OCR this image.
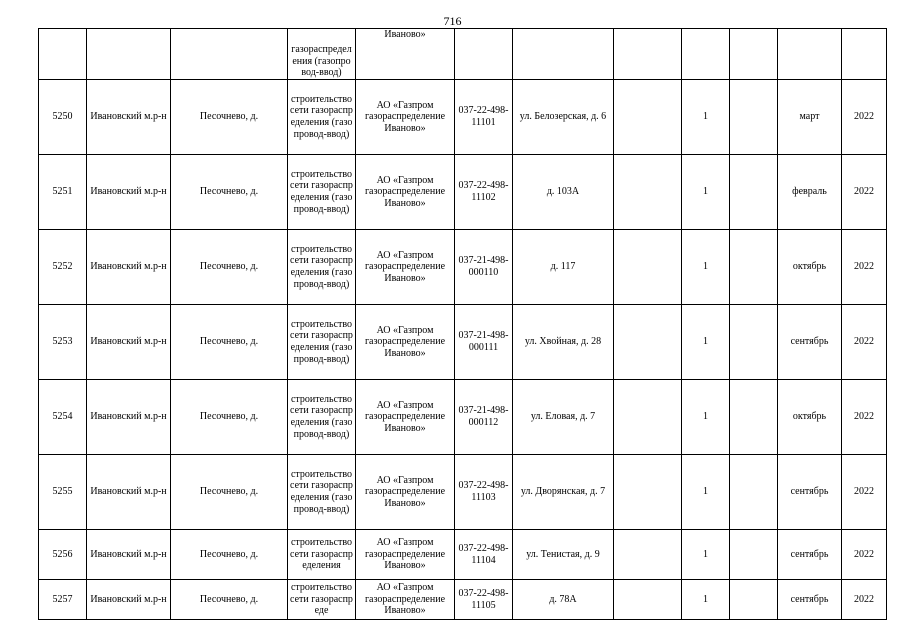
716
			газораспределения (газопровод-ввод)	Иваново»							
5250	Ивановский м.р-н	Песочнево, д.	строительство сети газораспределения (газопровод-ввод)	АО «Газпром газораспределение Иваново»	037-22-498-11101	ул. Белозерская, д. 6		1		март	2022
5251	Ивановский м.р-н	Песочнево, д.	строительство сети газораспределения (газопровод-ввод)	АО «Газпром газораспределение Иваново»	037-22-498-11102	д. 103А		1		февраль	2022
5252	Ивановский м.р-н	Песочнево, д.	строительство сети газораспределения (газопровод-ввод)	АО «Газпром газораспределение Иваново»	037-21-498-000110	д. 117		1		октябрь	2022
5253	Ивановский м.р-н	Песочнево, д.	строительство сети газораспределения (газопровод-ввод)	АО «Газпром газораспределение Иваново»	037-21-498-000111	ул. Хвойная, д. 28		1		сентябрь	2022
5254	Ивановский м.р-н	Песочнево, д.	строительство сети газораспределения (газопровод-ввод)	АО «Газпром газораспределение Иваново»	037-21-498-000112	ул. Еловая, д. 7		1		октябрь	2022
5255	Ивановский м.р-н	Песочнево, д.	строительство сети газораспределения (газопровод-ввод)	АО «Газпром газораспределение Иваново»	037-22-498-11103	ул. Дворянская, д. 7		1		сентябрь	2022
5256	Ивановский м.р-н	Песочнево, д.	строительство сети газораспределения	АО «Газпром газораспределение Иваново»	037-22-498-11104	ул. Тенистая, д. 9		1		сентябрь	2022
5257	Ивановский м.р-н	Песочнево, д.	строительство сети газораспреде	АО «Газпром газораспределение Иваново»	037-22-498-11105	д. 78А		1		сентябрь	2022
